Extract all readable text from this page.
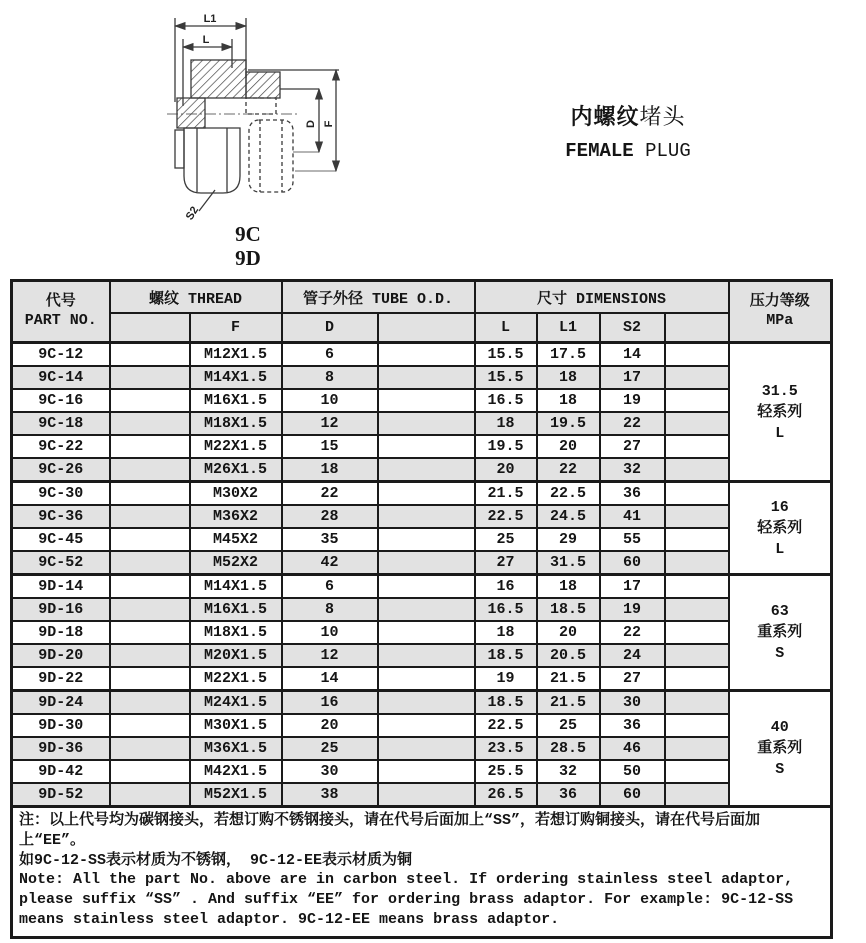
L1
L
D F
S2
9C
9D
内螺纹堵头
FEMALE PLUG
代号
PART NO.
	螺纹 THREAD	管子外径 TUBE O.D.	尺寸 DIMENSIONS	压力等级
MPa

		F	D		L	L1	S2		
9C-12		M12X1.5	6		15.5	17.5	14		31.5
轻系列
L

9C-14		M14X1.5	8		15.5	18	17		
9C-16		M16X1.5	10		16.5	18	19		
9C-18		M18X1.5	12		18	19.5	22		
9C-22		M22X1.5	15		19.5	20	27		
9C-26		M26X1.5	18		20	22	32		
9C-30		M30X2	22		21.5	22.5	36		16
轻系列
L

9C-36		M36X2	28		22.5	24.5	41		
9C-45		M45X2	35		25	29	55		
9C-52		M52X2	42		27	31.5	60		
9D-14		M14X1.5	6		16	18	17		63
重系列
S

9D-16		M16X1.5	8		16.5	18.5	19		
9D-18		M18X1.5	10		18	20	22		
9D-20		M20X1.5	12		18.5	20.5	24		
9D-22		M22X1.5	14		19	21.5	27		
9D-24		M24X1.5	16		18.5	21.5	30		40
重系列
S

9D-30		M30X1.5	20		22.5	25	36		
9D-36		M36X1.5	25		23.5	28.5	46		
9D-42		M42X1.5	30		25.5	32	50		
9D-52		M52X1.5	38		26.5	36	60		

注：以上代号均为碳钢接头，若想订购不锈钢接头，请在代号后面加上“SS”，若想订购铜接头，请在代号后面加上“EE”。

如9C-12-SS表示材质为不锈钢， 9C-12-EE表示材质为铜

Note: All the part No. above are in carbon steel. If ordering stainless steel adaptor, please suffix “SS” . And suffix “EE” for ordering brass adaptor. For example: 9C-12-SS means stainless steel adaptor. 9C-12-EE means brass adaptor.									
